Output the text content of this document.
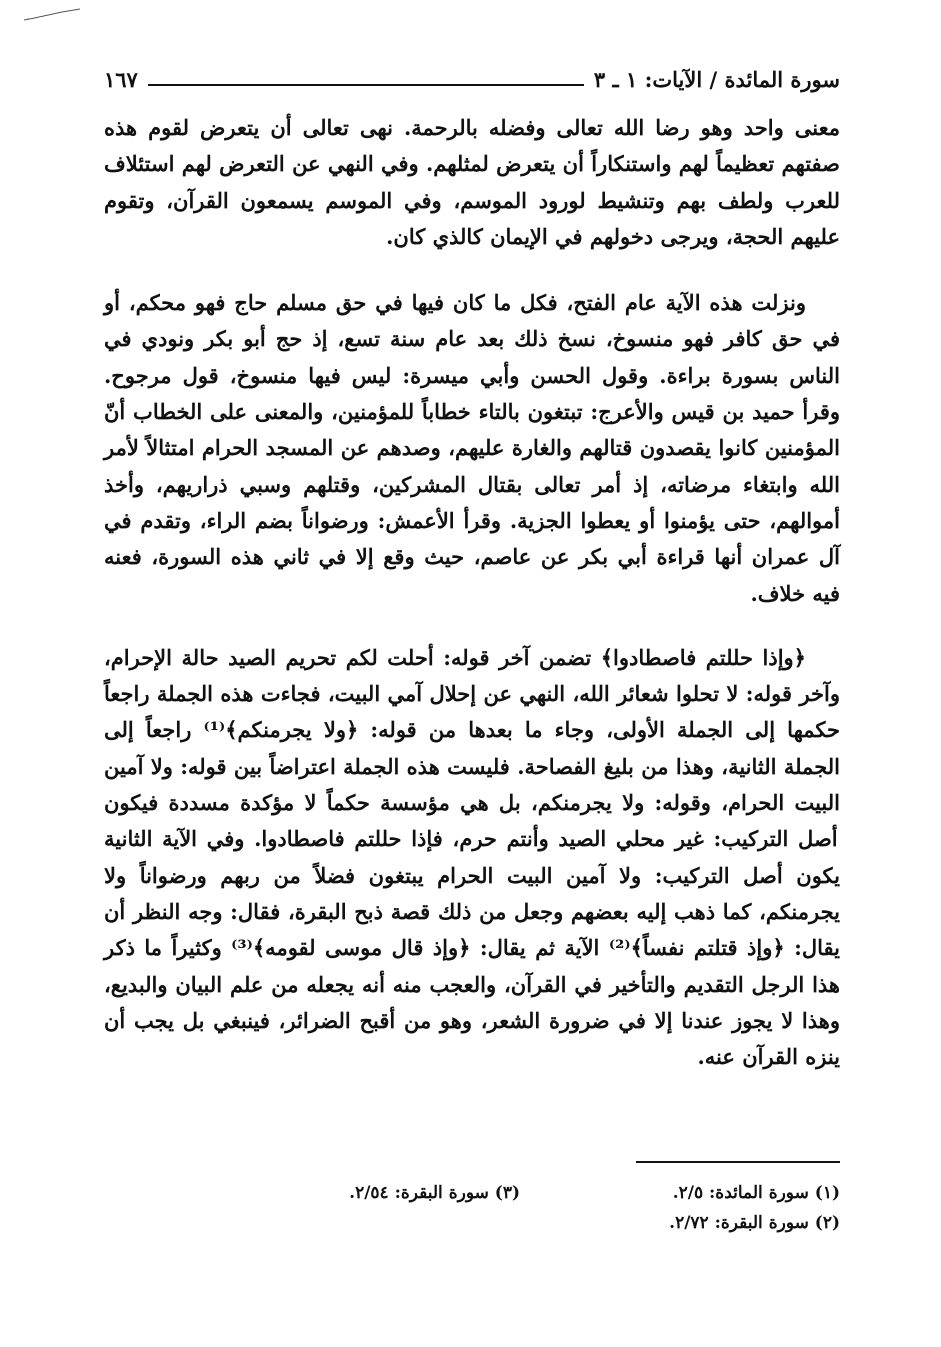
سورة المائدة / الآيات: ١ ـ ٣
١٦٧
معنى واحد وهو رضا الله تعالى وفضله بالرحمة. نهى تعالى أن يتعرض لقوم هذه صفتهم تعظيماً لهم واستنكاراً أن يتعرض لمثلهم. وفي النهي عن التعرض لهم استئلاف للعرب ولطف بهم وتنشيط لورود الموسم، وفي الموسم يسمعون القرآن، وتقوم عليهم الحجة، ويرجى دخولهم في الإيمان كالذي كان.
ونزلت هذه الآية عام الفتح، فكل ما كان فيها في حق مسلم حاج فهو محكم، أو في حق كافر فهو منسوخ، نسخ ذلك بعد عام سنة تسع، إذ حج أبو بكر ونودي في الناس بسورة براءة. وقول الحسن وأبي ميسرة: ليس فيها منسوخ، قول مرجوح. وقرأ حميد بن قيس والأعرج: تبتغون بالتاء خطاباً للمؤمنين، والمعنى على الخطاب أنّ المؤمنين كانوا يقصدون قتالهم والغارة عليهم، وصدهم عن المسجد الحرام امتثالاً لأمر الله وابتغاء مرضاته، إذ أمر تعالى بقتال المشركين، وقتلهم وسبي ذراريهم، وأخذ أموالهم، حتى يؤمنوا أو يعطوا الجزية. وقرأ الأعمش: ورضواناً بضم الراء، وتقدم في آل عمران أنها قراءة أبي بكر عن عاصم، حيث وقع إلا في ثاني هذه السورة، فعنه فيه خلاف.
﴿وإذا حللتم فاصطادوا﴾ تضمن آخر قوله: أحلت لكم تحريم الصيد حالة الإحرام، وآخر قوله: لا تحلوا شعائر الله، النهي عن إحلال آمي البيت، فجاءت هذه الجملة راجعاً حكمها إلى الجملة الأولى، وجاء ما بعدها من قوله: ﴿ولا يجرمنكم﴾⁽¹⁾ راجعاً إلى الجملة الثانية، وهذا من بليغ الفصاحة. فليست هذه الجملة اعتراضاً بين قوله: ولا آمين البيت الحرام، وقوله: ولا يجرمنكم، بل هي مؤسسة حكماً لا مؤكدة مسددة فيكون أصل التركيب: غير محلي الصيد وأنتم حرم، فإذا حللتم فاصطادوا. وفي الآية الثانية يكون أصل التركيب: ولا آمين البيت الحرام يبتغون فضلاً من ربهم ورضواناً ولا يجرمنكم، كما ذهب إليه بعضهم وجعل من ذلك قصة ذبح البقرة، فقال: وجه النظر أن يقال: ﴿وإذ قتلتم نفساً﴾⁽²⁾ الآية ثم يقال: ﴿وإذ قال موسى لقومه﴾⁽³⁾ وكثيراً ما ذكر هذا الرجل التقديم والتأخير في القرآن، والعجب منه أنه يجعله من علم البيان والبديع، وهذا لا يجوز عندنا إلا في ضرورة الشعر، وهو من أقبح الضرائر، فينبغي بل يجب أن ينزه القرآن عنه.
(١) سورة المائدة: ٢/٥.
(٣) سورة البقرة: ٢/٥٤.
(٢) سورة البقرة: ٢/٧٢.
